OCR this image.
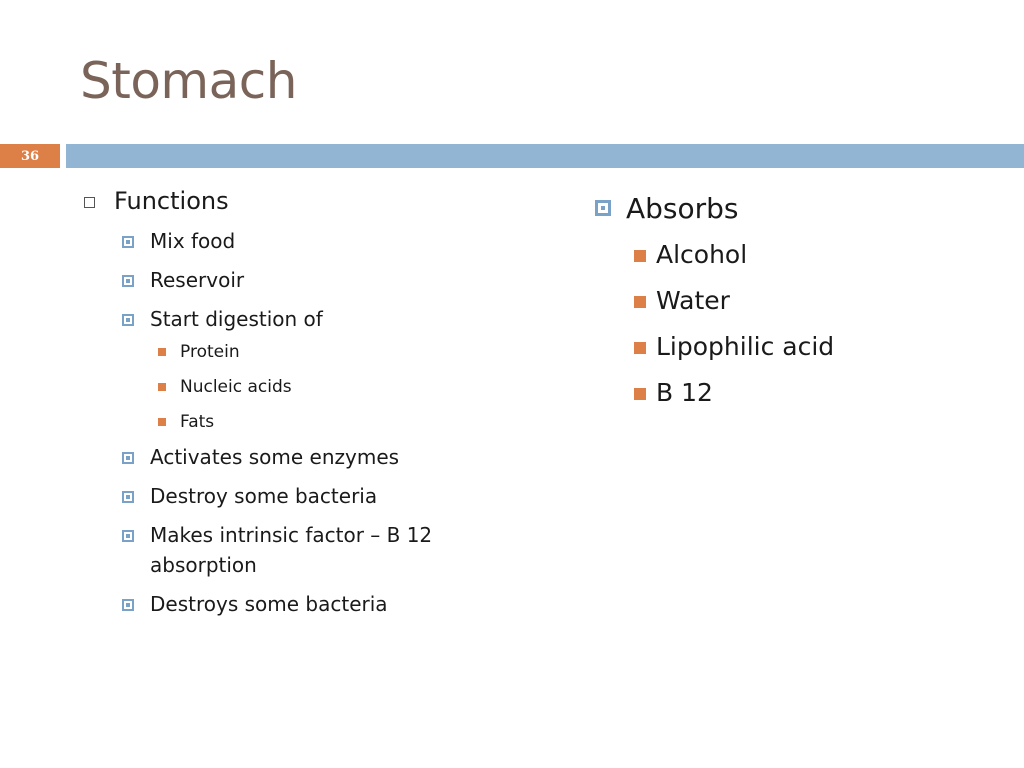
Stomach
36
Functions
Mix food
Reservoir
Start digestion of
Protein
Nucleic acids
Fats
Activates some enzymes
Destroy some bacteria
Makes intrinsic factor – B 12 absorption
Destroys some bacteria
Absorbs
Alcohol
Water
Lipophilic acid
B 12
